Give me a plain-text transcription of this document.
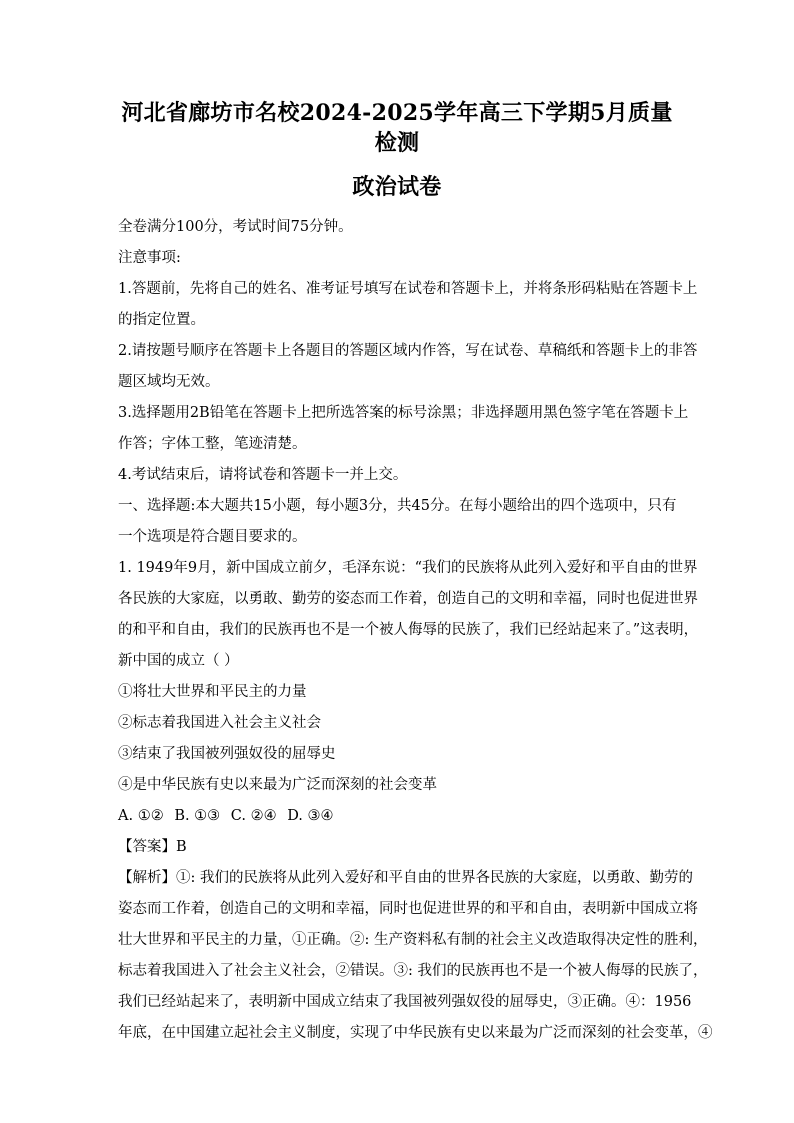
河北省廊坊市名校2024-2025学年高三下学期5月质量检测

政治试卷

全卷满分100分，考试时间75分钟。

注意事项:

1.答题前，先将自己的姓名、准考证号填写在试卷和答题卡上，并将条形码粘贴在答题卡上

的指定位置。

2.请按题号顺序在答题卡上各题目的答题区域内作答，写在试卷、草稿纸和答题卡上的非答

题区域均无效。

3.选择题用2B铅笔在答题卡上把所选答案的标号涂黑；非选择题用黑色签字笔在答题卡上

作答；字体工整，笔迹清楚。

4.考试结束后，请将试卷和答题卡一并上交。

一、选择题:本大题共15小题，每小题3分，共45分。在每小题给出的四个选项中，只有

一个选项是符合题目要求的。

1. 1949年9月，新中国成立前夕，毛泽东说：“我们的民族将从此列入爱好和平自由的世界

各民族的大家庭，以勇敢、勤劳的姿态而工作着，创造自己的文明和幸福，同时也促进世界

的和平和自由，我们的民族再也不是一个被人侮辱的民族了，我们已经站起来了。”这表明，

新中国的成立（ ）

①将壮大世界和平民主的力量

②标志着我国进入社会主义社会

③结束了我国被列强奴役的屈辱史

④是中华民族有史以来最为广泛而深刻的社会变革

A. ①② B. ①③ C. ②④ D. ③④

【答案】B

【解析】①: 我们的民族将从此列入爱好和平自由的世界各民族的大家庭，以勇敢、勤劳的

姿态而工作着，创造自己的文明和幸福，同时也促进世界的和平和自由，表明新中国成立将

壮大世界和平民主的力量，①正确。②: 生产资料私有制的社会主义改造取得决定性的胜利，

标志着我国进入了社会主义社会，②错误。③: 我们的民族再也不是一个被人侮辱的民族了，

我们已经站起来了，表明新中国成立结束了我国被列强奴役的屈辱史，③正确。④：1956

年底，在中国建立起社会主义制度，实现了中华民族有史以来最为广泛而深刻的社会变革，④
